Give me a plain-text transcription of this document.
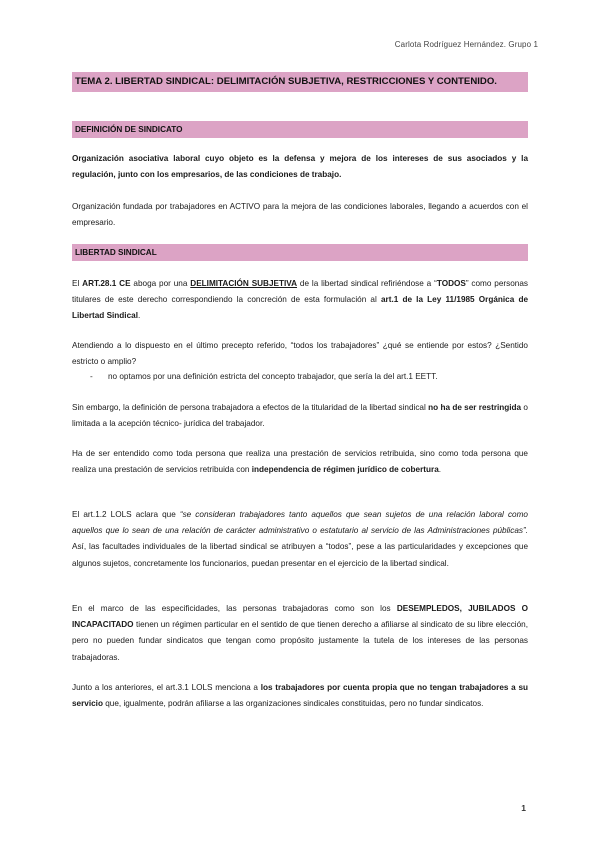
Carlota Rodríguez Hernández. Grupo 1
TEMA 2. LIBERTAD SINDICAL: DELIMITACIÓN SUBJETIVA, RESTRICCIONES Y CONTENIDO.
DEFINICIÓN DE SINDICATO
Organización asociativa laboral cuyo objeto es la defensa y mejora de los intereses de sus asociados y la regulación, junto con los empresarios, de las condiciones de trabajo.
Organización fundada por trabajadores en ACTIVO para la mejora de las condiciones laborales, llegando a acuerdos con el empresario.
LIBERTAD SINDICAL
El ART.28.1 CE aboga por una DELIMITACIÓN SUBJETIVA de la libertad sindical refiriéndose a “TODOS” como personas titulares de este derecho correspondiendo la concreción de esta formulación al art.1 de la Ley 11/1985 Orgánica de Libertad Sindical.
Atendiendo a lo dispuesto en el último precepto referido, “todos los trabajadores” ¿qué se entiende por estos? ¿Sentido estricto o amplio?
- no optamos por una definición estricta del concepto trabajador, que sería la del art.1 EETT.
Sin embargo, la definición de persona trabajadora a efectos de la titularidad de la libertad sindical no ha de ser restringida o limitada a la acepción técnico- jurídica del trabajador.
Ha de ser entendido como toda persona que realiza una prestación de servicios retribuida, sino como toda persona que realiza una prestación de servicios retribuida con independencia de régimen jurídico de cobertura.
El art.1.2 LOLS aclara que “se consideran trabajadores tanto aquellos que sean sujetos de una relación laboral como aquellos que lo sean de una relación de carácter administrativo o estatutario al servicio de las Administraciones públicas”. Así, las facultades individuales de la libertad sindical se atribuyen a “todos”, pese a las particularidades y excepciones que algunos sujetos, concretamente los funcionarios, puedan presentar en el ejercicio de la libertad sindical.
En el marco de las especificidades, las personas trabajadoras como son los DESEMPLEDOS, JUBILADOS O INCAPACITADO tienen un régimen particular en el sentido de que tienen derecho a afiliarse al sindicato de su libre elección, pero no pueden fundar sindicatos que tengan como propósito justamente la tutela de los intereses de las personas trabajadoras.
Junto a los anteriores, el art.3.1 LOLS menciona a los trabajadores por cuenta propia que no tengan trabajadores a su servicio que, igualmente, podrán afiliarse a las organizaciones sindicales constituidas, pero no fundar sindicatos.
1
